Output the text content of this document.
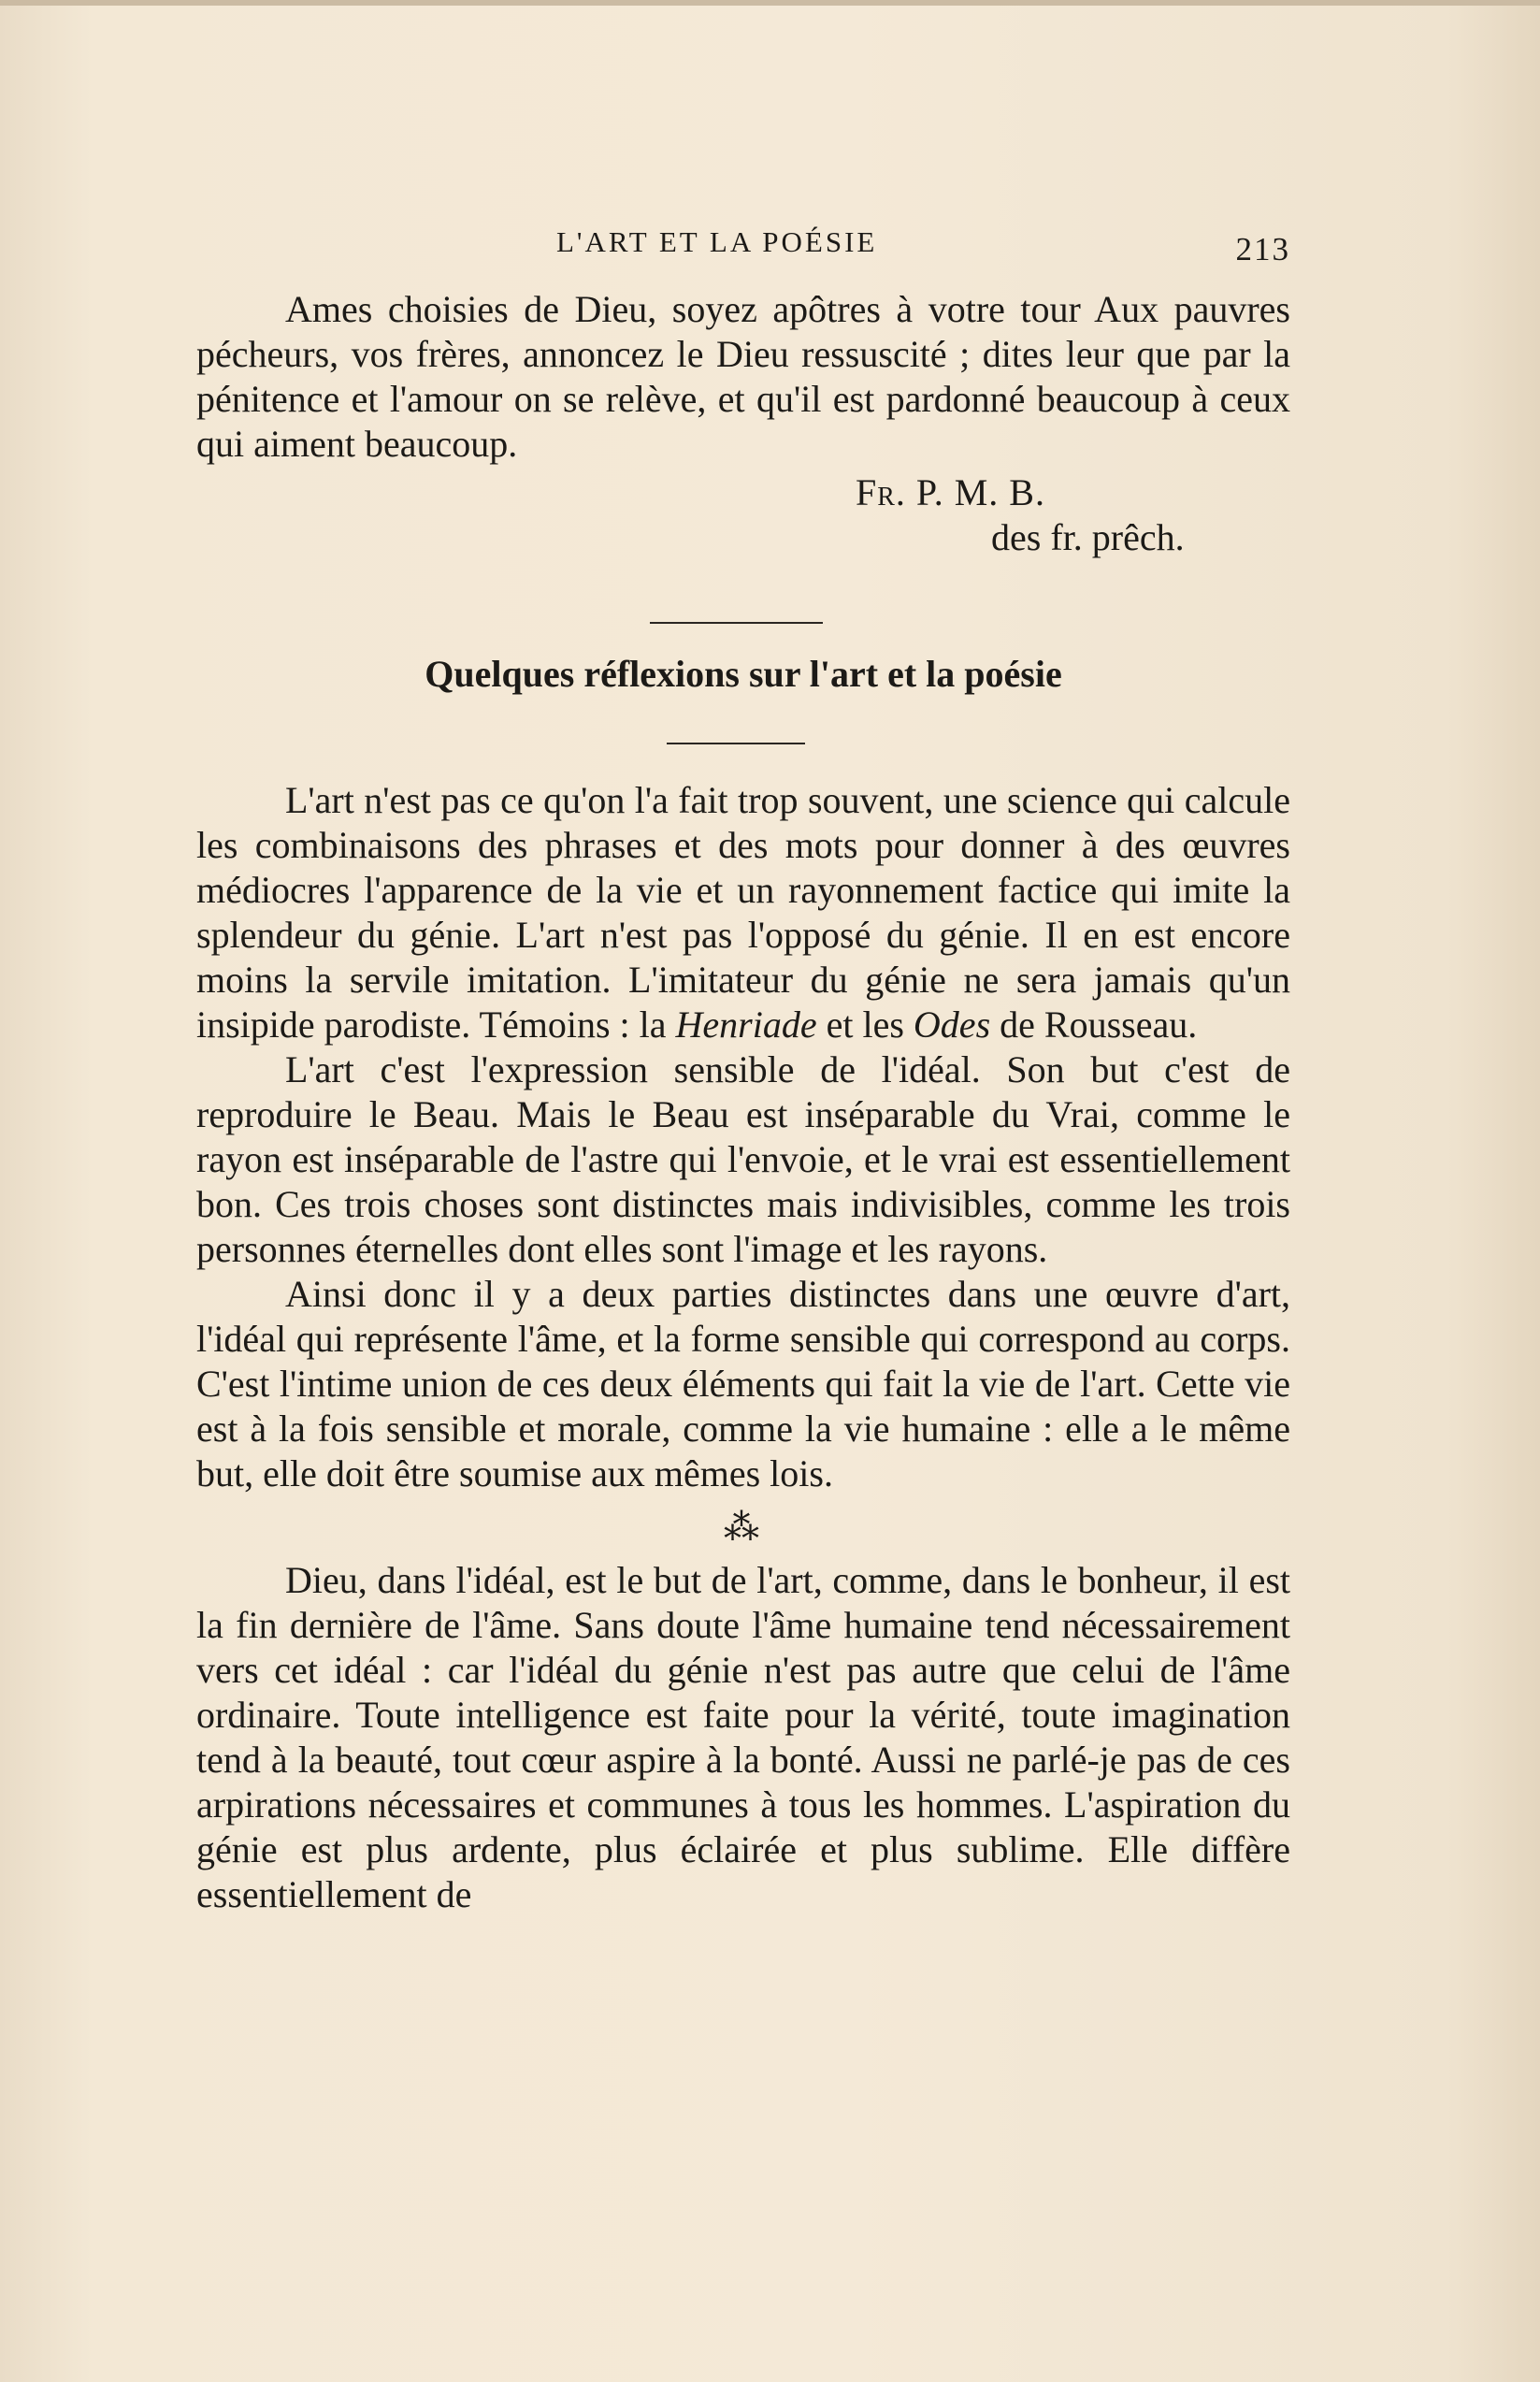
L'ART ET LA POÉSIE	213

Ames choisies de Dieu, soyez apôtres à votre tour Aux pauvres pécheurs, vos frères, annoncez le Dieu ressuscité ; dites leur que par la pénitence et l'amour on se relève, et qu'il est pardonné beaucoup à ceux qui aiment beaucoup.

Fr. P. M. B.
des fr. prêch.
Quelques réflexions sur l'art et la poésie

L'art n'est pas ce qu'on l'a fait trop souvent, une science qui calcule les combinaisons des phrases et des mots pour donner à des œuvres médiocres l'apparence de la vie et un rayonnement factice qui imite la splendeur du génie. L'art n'est pas l'opposé du génie. Il en est encore moins la servile imitation. L'imitateur du génie ne sera jamais qu'un insipide parodiste. Témoins : la Henriade et les Odes de Rousseau.

L'art c'est l'expression sensible de l'idéal. Son but c'est de reproduire le Beau. Mais le Beau est inséparable du Vrai, comme le rayon est inséparable de l'astre qui l'envoie, et le vrai est essentiellement bon. Ces trois choses sont distinctes mais indivisibles, comme les trois personnes éternelles dont elles sont l'image et les rayons.

Ainsi donc il y a deux parties distinctes dans une œuvre d'art, l'idéal qui représente l'âme, et la forme sensible qui correspond au corps. C'est l'intime union de ces deux éléments qui fait la vie de l'art. Cette vie est à la fois sensible et morale, comme la vie humaine : elle a le même but, elle doit être soumise aux mêmes lois.

⁂

Dieu, dans l'idéal, est le but de l'art, comme, dans le bonheur, il est la fin dernière de l'âme. Sans doute l'âme humaine tend nécessairement vers cet idéal : car l'idéal du génie n'est pas autre que celui de l'âme ordinaire. Toute intelligence est faite pour la vérité, toute imagination tend à la beauté, tout cœur aspire à la bonté. Aussi ne parlé-je pas de ces arpirations nécessaires et communes à tous les hommes. L'aspiration du génie est plus ardente, plus éclairée et plus sublime. Elle diffère essentiellement de
